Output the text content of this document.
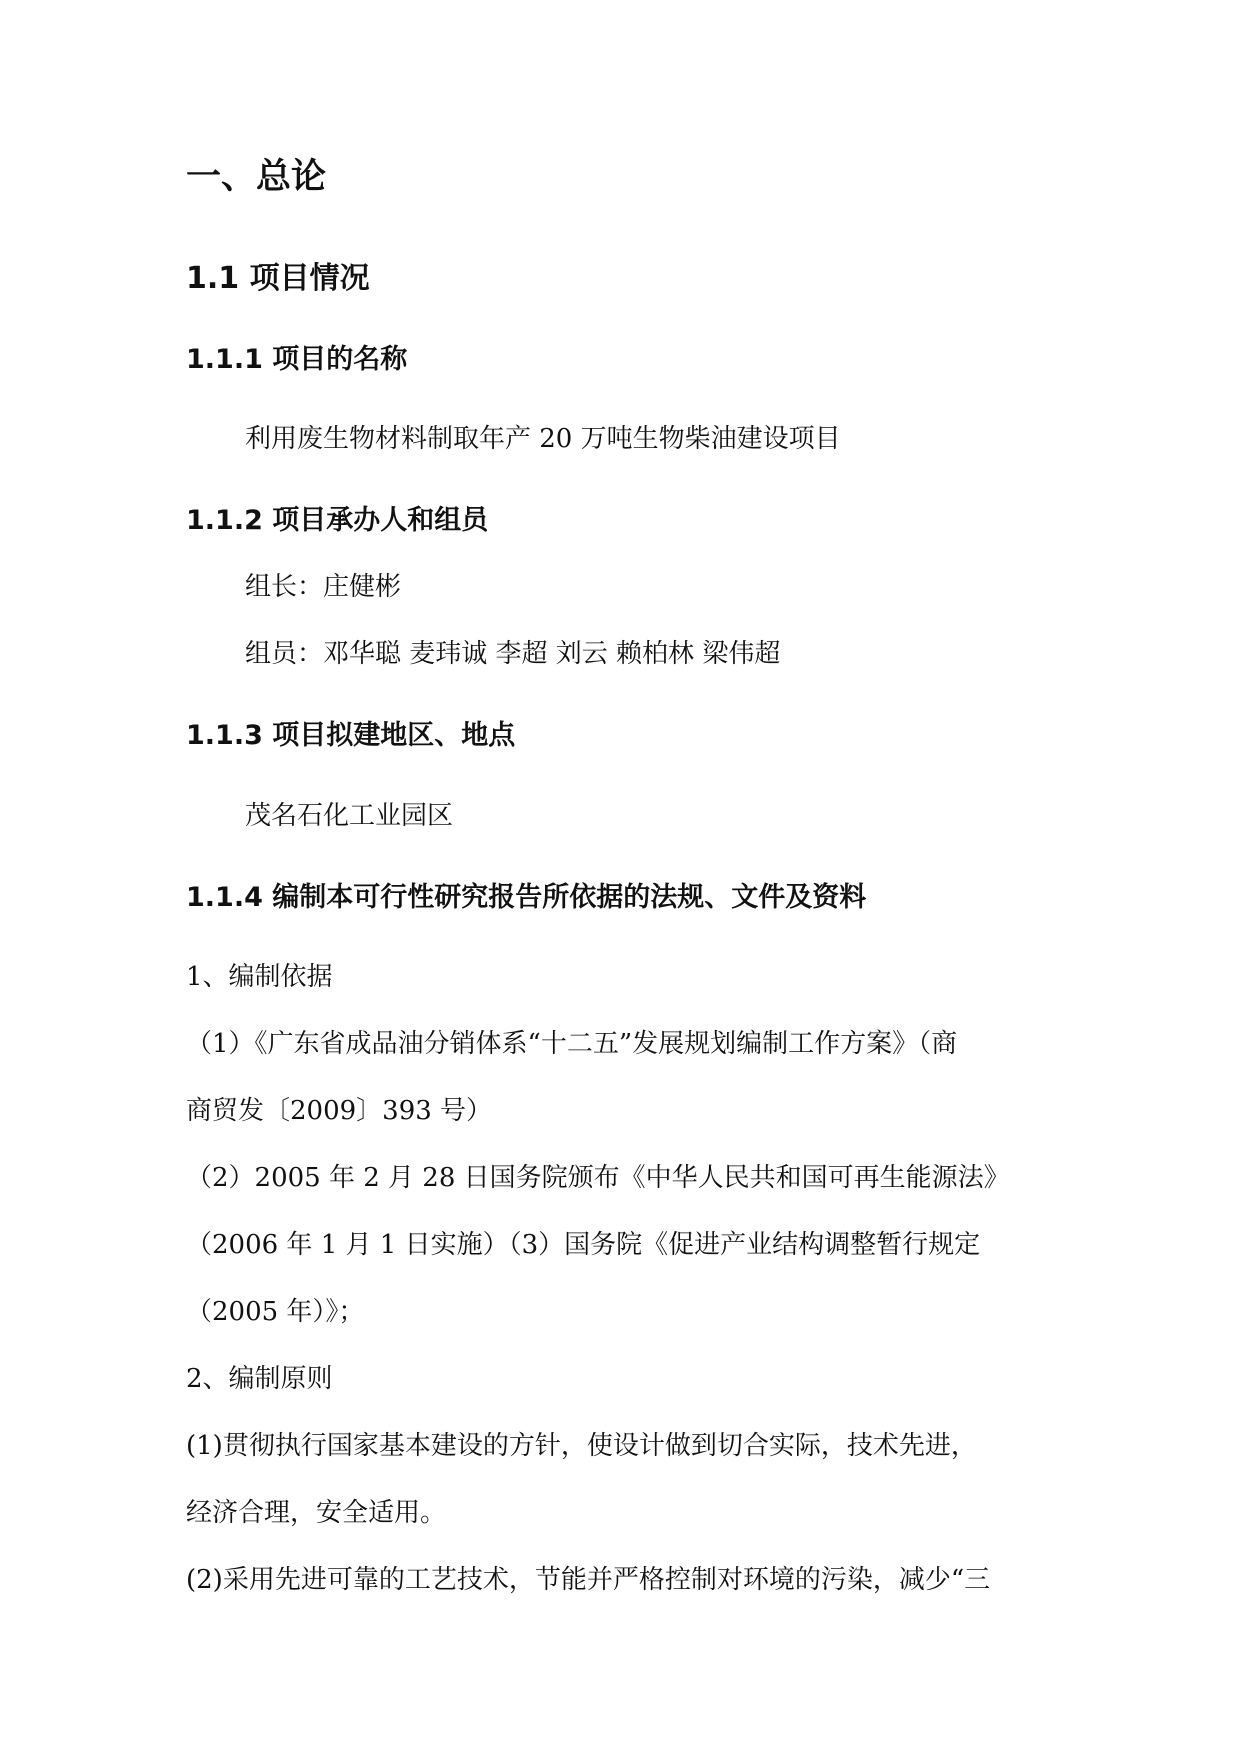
一、总论
1.1 项目情况
1.1.1 项目的名称
利用废生物材料制取年产 20 万吨生物柴油建设项目
1.1.2 项目承办人和组员
组长：庄健彬
组员：邓华聪 麦玮诚 李超 刘云 赖柏林 梁伟超
1.1.3 项目拟建地区、地点
茂名石化工业园区
1.1.4 编制本可行性研究报告所依据的法规、文件及资料
1、编制依据
（1）《广东省成品油分销体系“十二五”发展规划编制工作方案》（商
商贸发〔2009〕393 号）
（2）2005 年 2 月 28 日国务院颁布《中华人民共和国可再生能源法》
（2006 年 1 月 1 日实施）（3）国务院《促进产业结构调整暂行规定
（2005 年）》；
2、编制原则
(1)贯彻执行国家基本建设的方针，使设计做到切合实际，技术先进，
经济合理，安全适用。
(2)采用先进可靠的工艺技术，节能并严格控制对环境的污染，减少“三
